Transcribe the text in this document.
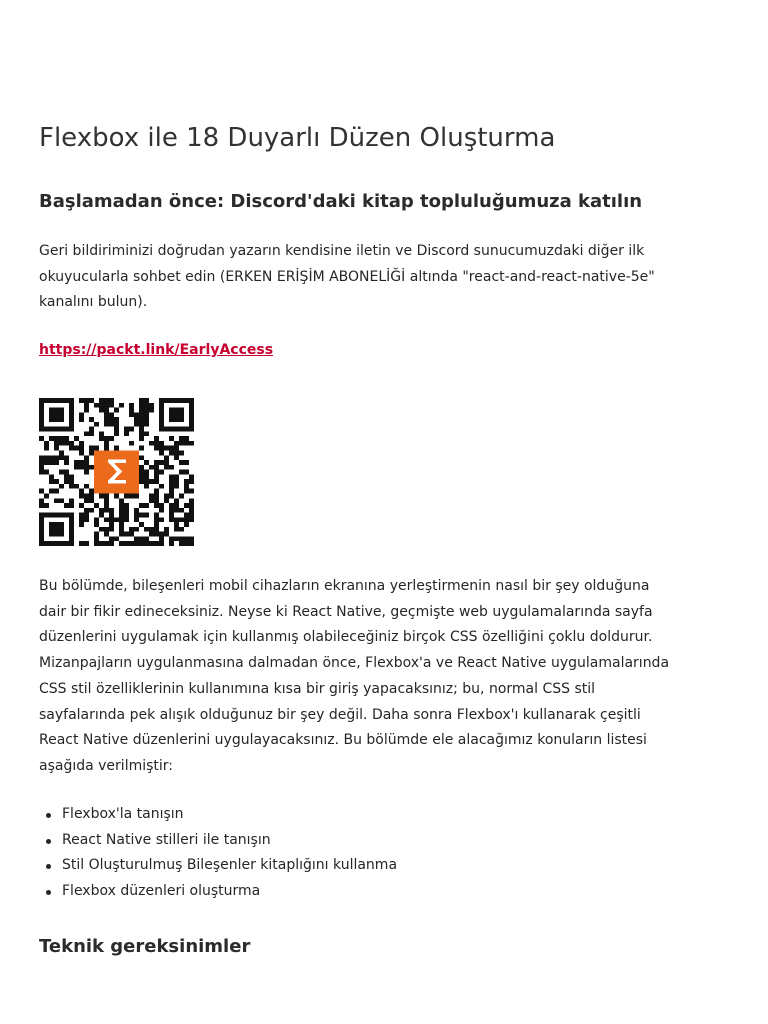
Flexbox ile 18 Duyarlı Düzen Oluşturma
Başlamadan önce: Discord'daki kitap topluluğumuza katılın

Geri bildiriminizi doğrudan yazarın kendisine iletin ve Discord sunucumuzdaki diğer ilk okuyucularla sohbet edin (ERKEN ERİŞİM ABONELİĞİ altında "react-and-react-native-5e" kanalını bulun).

https://packt.link/EarlyAccess

Bu bölümde, bileşenleri mobil cihazların ekranına yerleştirmenin nasıl bir şey olduğuna dair bir fikir edineceksiniz. Neyse ki React Native, geçmişte web uygulamalarında sayfa düzenlerini uygulamak için kullanmış olabileceğiniz birçok CSS özelliğini çoklu doldurur. Mizanpajların uygulanmasına dalmadan önce, Flexbox'a ve React Native uygulamalarında CSS stil özelliklerinin kullanımına kısa bir giriş yapacaksınız; bu, normal CSS stil sayfalarında pek alışık olduğunuz bir şey değil. Daha sonra Flexbox'ı kullanarak çeşitli React Native düzenlerini uygulayacaksınız. Bu bölümde ele alacağımız konuların listesi aşağıda verilmiştir:

Flexbox'la tanışın
React Native stilleri ile tanışın
Stil Oluşturulmuş Bileşenler kitaplığını kullanma
Flexbox düzenleri oluşturma
Teknik gereksinimler
